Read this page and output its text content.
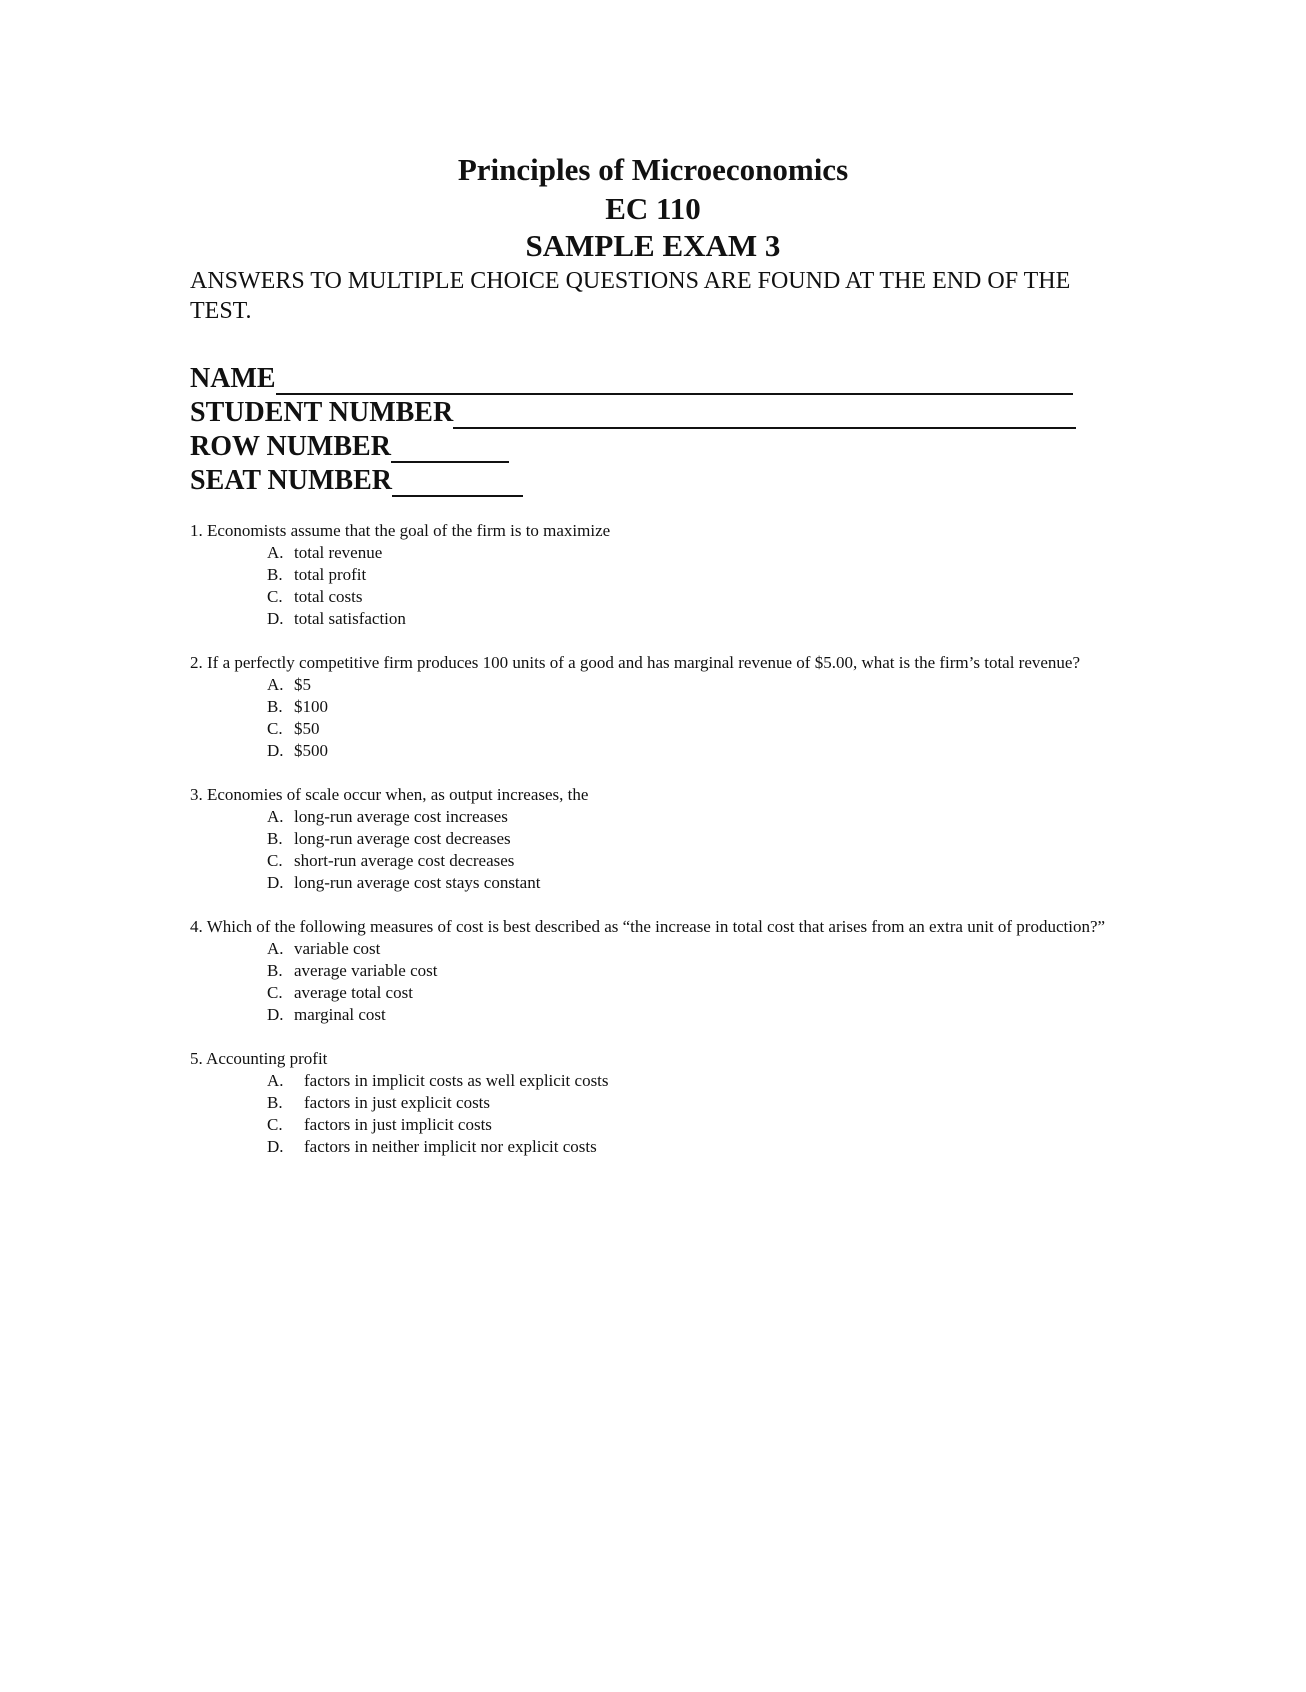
Principles of Microeconomics
EC 110
SAMPLE EXAM 3
ANSWERS TO MULTIPLE CHOICE QUESTIONS ARE FOUND AT THE END OF THE TEST.
NAME
STUDENT NUMBER
ROW NUMBER
SEAT NUMBER
1. Economists assume that the goal of the firm is to maximize
A. total revenue
B. total profit
C. total costs
D. total satisfaction
2. If a perfectly competitive firm produces 100 units of a good and has marginal revenue of $5.00, what is the firm’s total revenue?
A. $5
B. $100
C. $50
D. $500
3. Economies of scale occur when, as output increases, the
A. long-run average cost increases
B. long-run average cost decreases
C. short-run average cost decreases
D. long-run average cost stays constant
4. Which of the following measures of cost is best described as “the increase in total cost that arises from an extra unit of production?”
A. variable cost
B. average variable cost
C. average total cost
D. marginal cost
5. Accounting profit
A.	factors in implicit costs as well explicit costs
B.	factors in just explicit costs
C.	factors in just implicit costs
D.	factors in neither implicit nor explicit costs
